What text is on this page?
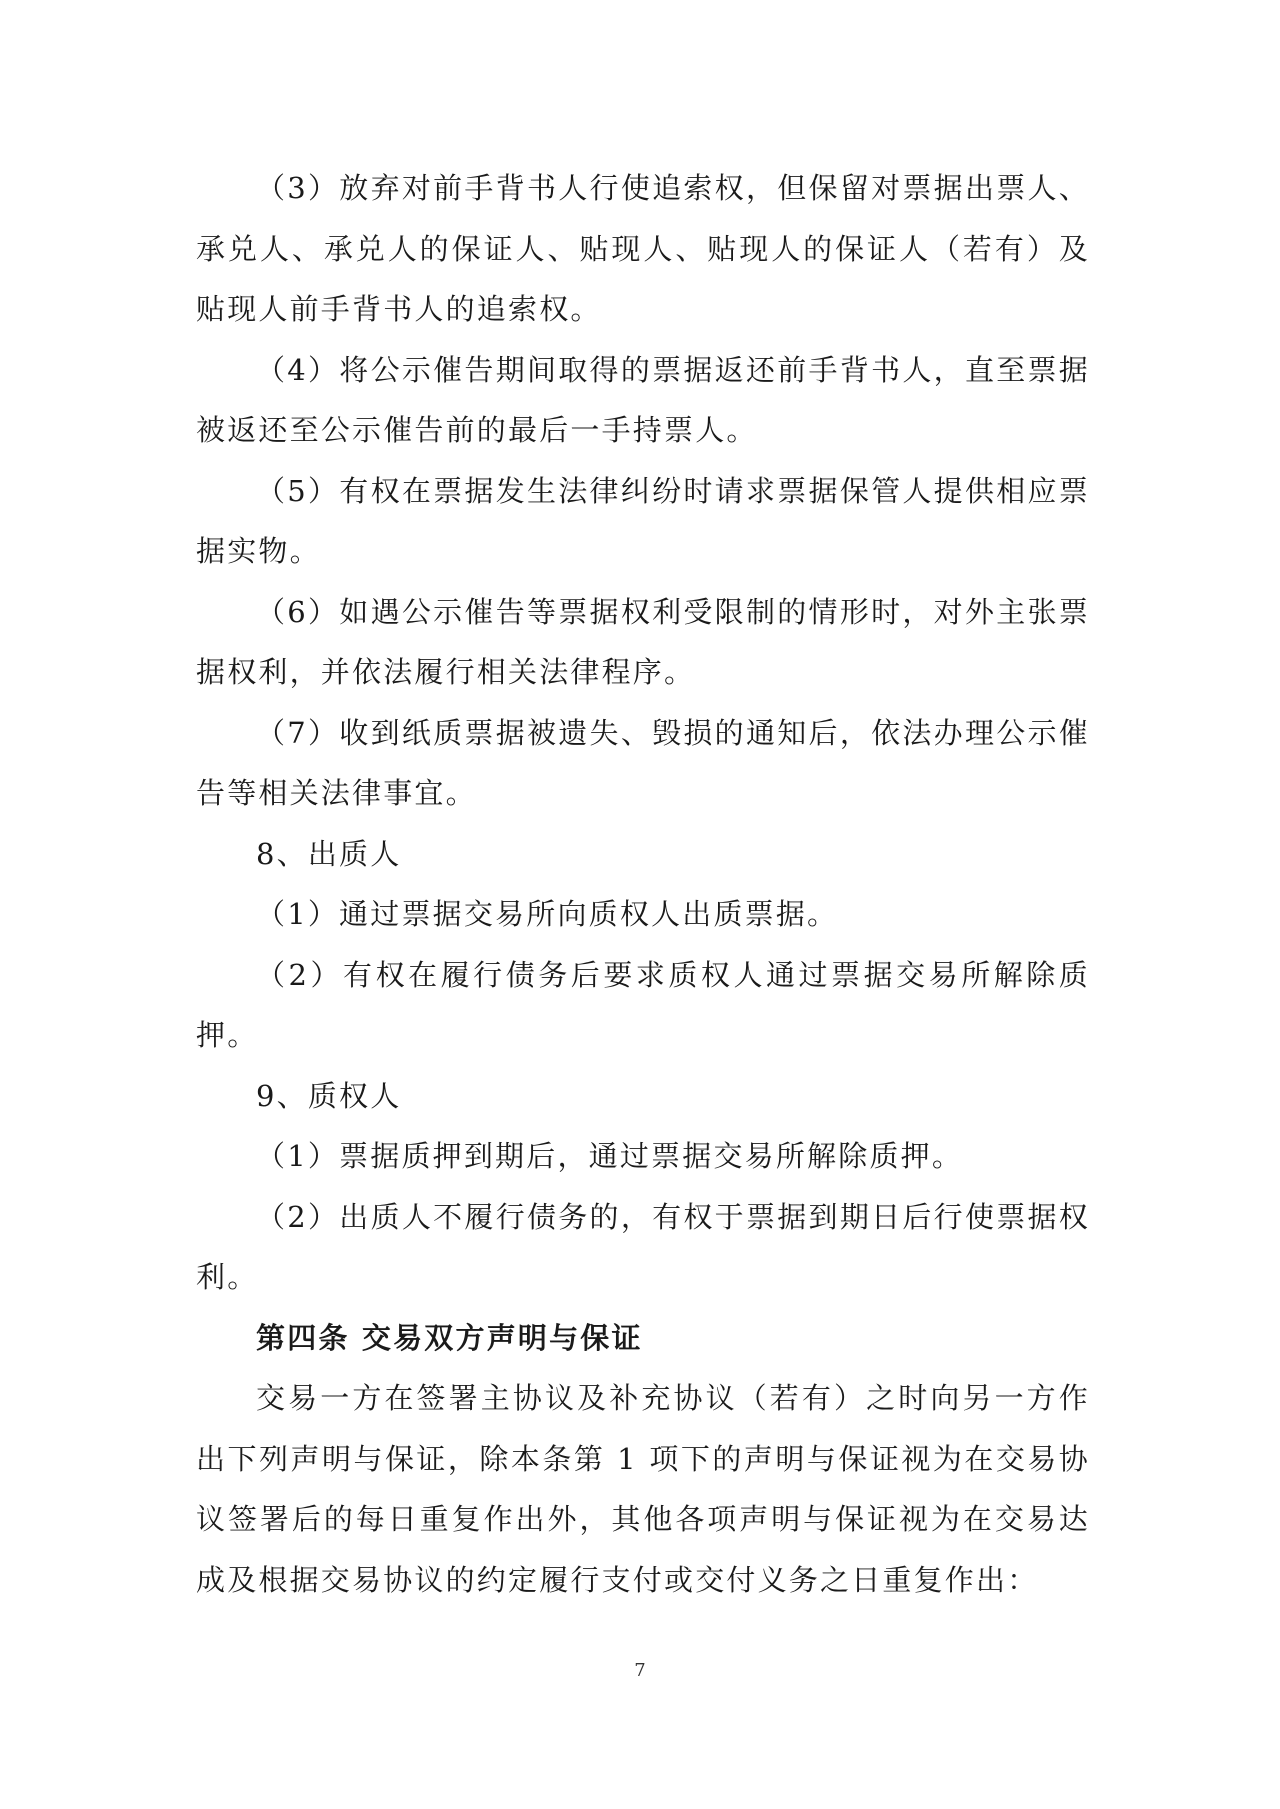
（3）放弃对前手背书人行使追索权，但保留对票据出票人、承兑人、承兑人的保证人、贴现人、贴现人的保证人（若有）及贴现人前手背书人的追索权。

（4）将公示催告期间取得的票据返还前手背书人，直至票据被返还至公示催告前的最后一手持票人。

（5）有权在票据发生法律纠纷时请求票据保管人提供相应票据实物。

（6）如遇公示催告等票据权利受限制的情形时，对外主张票据权利，并依法履行相关法律程序。

（7）收到纸质票据被遗失、毁损的通知后，依法办理公示催告等相关法律事宜。

8、出质人

（1）通过票据交易所向质权人出质票据。

（2）有权在履行债务后要求质权人通过票据交易所解除质押。

9、质权人

（1）票据质押到期后，通过票据交易所解除质押。

（2）出质人不履行债务的，有权于票据到期日后行使票据权利。

第四条 交易双方声明与保证

交易一方在签署主协议及补充协议（若有）之时向另一方作出下列声明与保证，除本条第 1 项下的声明与保证视为在交易协议签署后的每日重复作出外，其他各项声明与保证视为在交易达成及根据交易协议的约定履行支付或交付义务之日重复作出：

7
